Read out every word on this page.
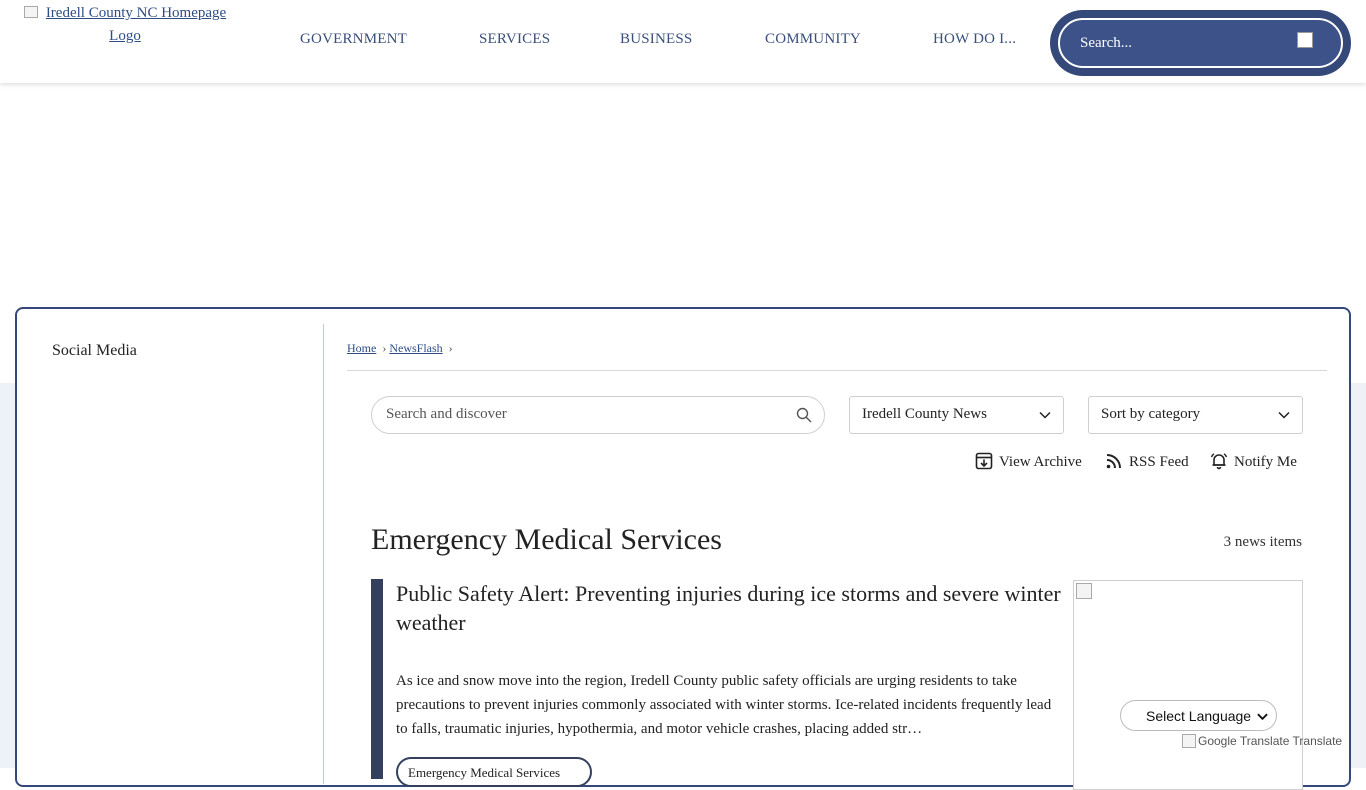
Iredell County NC Homepage Logo	GOVERNMENT	SERVICES	BUSINESS	COMMUNITY	HOW DO I...	Search...
Social Media	Home › NewsFlash ›
Search and discover	Iredell County News	Sort by category
View Archive	RSS Feed	Notify Me
Emergency Medical Services	3 news items
Public Safety Alert: Preventing injuries during ice storms and severe winter weather
As ice and snow move into the region, Iredell County public safety officials are urging residents to take precautions to prevent injuries commonly associated with winter storms. Ice-related incidents frequently lead to falls, traumatic injuries, hypothermia, and motor vehicle crashes, placing added str…
Emergency Medical Services
Select Language
Google Translate Translate
